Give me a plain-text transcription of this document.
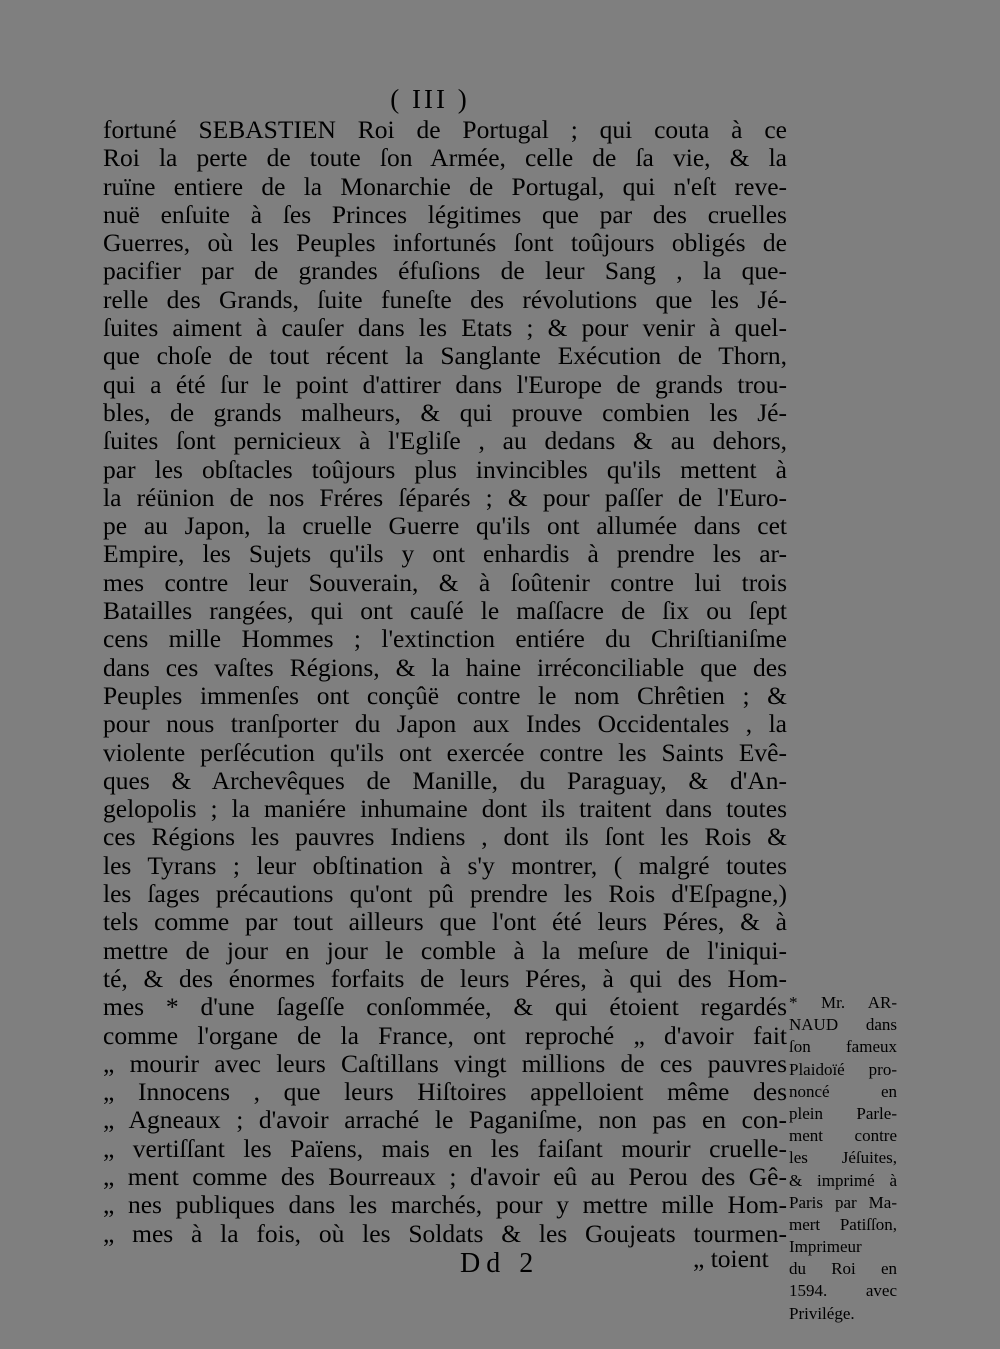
( III )
fortuné SEBASTIEN Roi de Portugal ; qui couta à ce
Roi la perte de toute ſon Armée, celle de ſa vie, & la
ruïne entiere de la Monarchie de Portugal, qui n'eſt reve-
nuë enſuite à ſes Princes légitimes que par des cruelles
Guerres, où les Peuples infortunés ſont toûjours obligés de
pacifier par de grandes éfuſions de leur Sang , la que-
relle des Grands, ſuite funeſte des révolutions que les Jé-
ſuites aiment à cauſer dans les Etats ; & pour venir à quel-
que choſe de tout récent la Sanglante Exécution de Thorn,
qui a été ſur le point d'attirer dans l'Europe de grands trou-
bles, de grands malheurs, & qui prouve combien les Jé-
ſuites ſont pernicieux à l'Egliſe , au dedans & au dehors,
par les obſtacles toûjours plus invincibles qu'ils mettent à
la réünion de nos Fréres ſéparés ; & pour paſſer de l'Euro-
pe au Japon, la cruelle Guerre qu'ils ont allumée dans cet
Empire, les Sujets qu'ils y ont enhardis à prendre les ar-
mes contre leur Souverain, & à ſoûtenir contre lui trois
Batailles rangées, qui ont cauſé le maſſacre de ſix ou ſept
cens mille Hommes ; l'extinction entiére du Chriſtianiſme
dans ces vaſtes Régions, & la haine irréconciliable que des
Peuples immenſes ont conçûë contre le nom Chrêtien ; &
pour nous tranſporter du Japon aux Indes Occidentales , la
violente perſécution qu'ils ont exercée contre les Saints Evê-
ques & Archevêques de Manille, du Paraguay, & d'An-
gelopolis ; la maniére inhumaine dont ils traitent dans toutes
ces Régions les pauvres Indiens , dont ils ſont les Rois &
les Tyrans ; leur obſtination à s'y montrer, ( malgré toutes
les ſages précautions qu'ont pû prendre les Rois d'Eſpagne,)
tels comme par tout ailleurs que l'ont été leurs Péres, & à
mettre de jour en jour le comble à la meſure de l'iniqui-
té, & des énormes forfaits de leurs Péres, à qui des Hom-
mes * d'une ſageſſe conſommée, & qui étoient regardés
comme l'organe de la France, ont reproché „ d'avoir fait
„ mourir avec leurs Caſtillans vingt millions de ces pauvres
„ Innocens , que leurs Hiſtoires appelloient même des
„ Agneaux ; d'avoir arraché le Paganiſme, non pas en con-
„ vertiſſant les Païens, mais en les faiſant mourir cruelle-
„ ment comme des Bourreaux ; d'avoir eû au Perou des Gê-
„ nes publiques dans les marchés, pour y mettre mille Hom-
„ mes à la fois, où les Soldats & les Goujeats tourmen-
Dd 2	„ toient
* Mr. AR-
NAUD dans
ſon fameux
Plaidoïé pro-
noncé en
plein Parle-
ment contre
les Jéſuites,
& imprimé à
Paris par Ma-
mert Patiſſon,
Imprimeur
du Roi en
1594. avec
Privilége.
